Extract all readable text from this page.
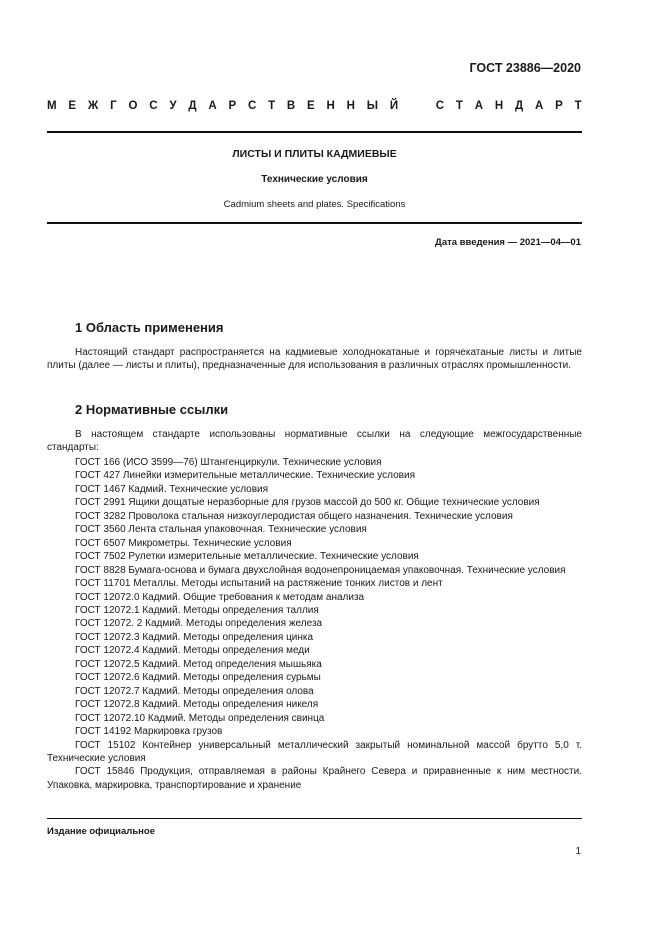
ГОСТ 23886—2020
М Е Ж Г О С У Д А Р С Т В Е Н Н Ы Й
	С Т А Н Д А Р Т
ЛИСТЫ И ПЛИТЫ КАДМИЕВЫЕ
Технические условия
Cadmium sheets and plates. Specifications
Дата введения — 2021—04—01
1 Область применения
Настоящий стандарт распространяется на кадмиевые холоднокатаные и горячекатаные листы и литые плиты (далее — листы и плиты), предназначенные для использования в различных отраслях промышленности.
2 Нормативные ссылки
В настоящем стандарте использованы нормативные ссылки на следующие межгосударственные стандарты:
ГОСТ 166 (ИСО 3599—76) Штангенциркули. Технические условия
ГОСТ 427 Линейки измерительные металлические. Технические условия
ГОСТ 1467 Кадмий. Технические условия
ГОСТ 2991 Ящики дощатые неразборные для грузов массой до 500 кг. Общие технические условия
ГОСТ 3282 Проволока стальная низкоуглеродистая общего назначения. Технические условия
ГОСТ 3560 Лента стальная упаковочная. Технические условия
ГОСТ 6507 Микрометры. Технические условия
ГОСТ 7502 Рулетки измерительные металлические. Технические условия
ГОСТ 8828 Бумага-основа и бумага двухслойная водонепроницаемая упаковочная. Технические условия
ГОСТ 11701 Металлы. Методы испытаний на растяжение тонких листов и лент
ГОСТ 12072.0 Кадмий. Общие требования к методам анализа
ГОСТ 12072.1 Кадмий. Методы определения таллия
ГОСТ 12072. 2 Кадмий. Методы определения железа
ГОСТ 12072.3 Кадмий. Методы определения цинка
ГОСТ 12072.4 Кадмий. Методы определения меди
ГОСТ 12072.5 Кадмий. Метод определения мышьяка
ГОСТ 12072.6 Кадмий. Методы определения сурьмы
ГОСТ 12072.7 Кадмий. Методы определения олова
ГОСТ 12072.8 Кадмий. Методы определения никеля
ГОСТ 12072.10 Кадмий. Методы определения свинца
ГОСТ 14192 Маркировка грузов
ГОСТ 15102 Контейнер универсальный металлический закрытый номинальной массой брутто 5,0 т. Технические условия
ГОСТ 15846 Продукция, отправляемая в районы Крайнего Севера и приравненные к ним местности. Упаковка, маркировка, транспортирование и хранение
Издание официальное
1
